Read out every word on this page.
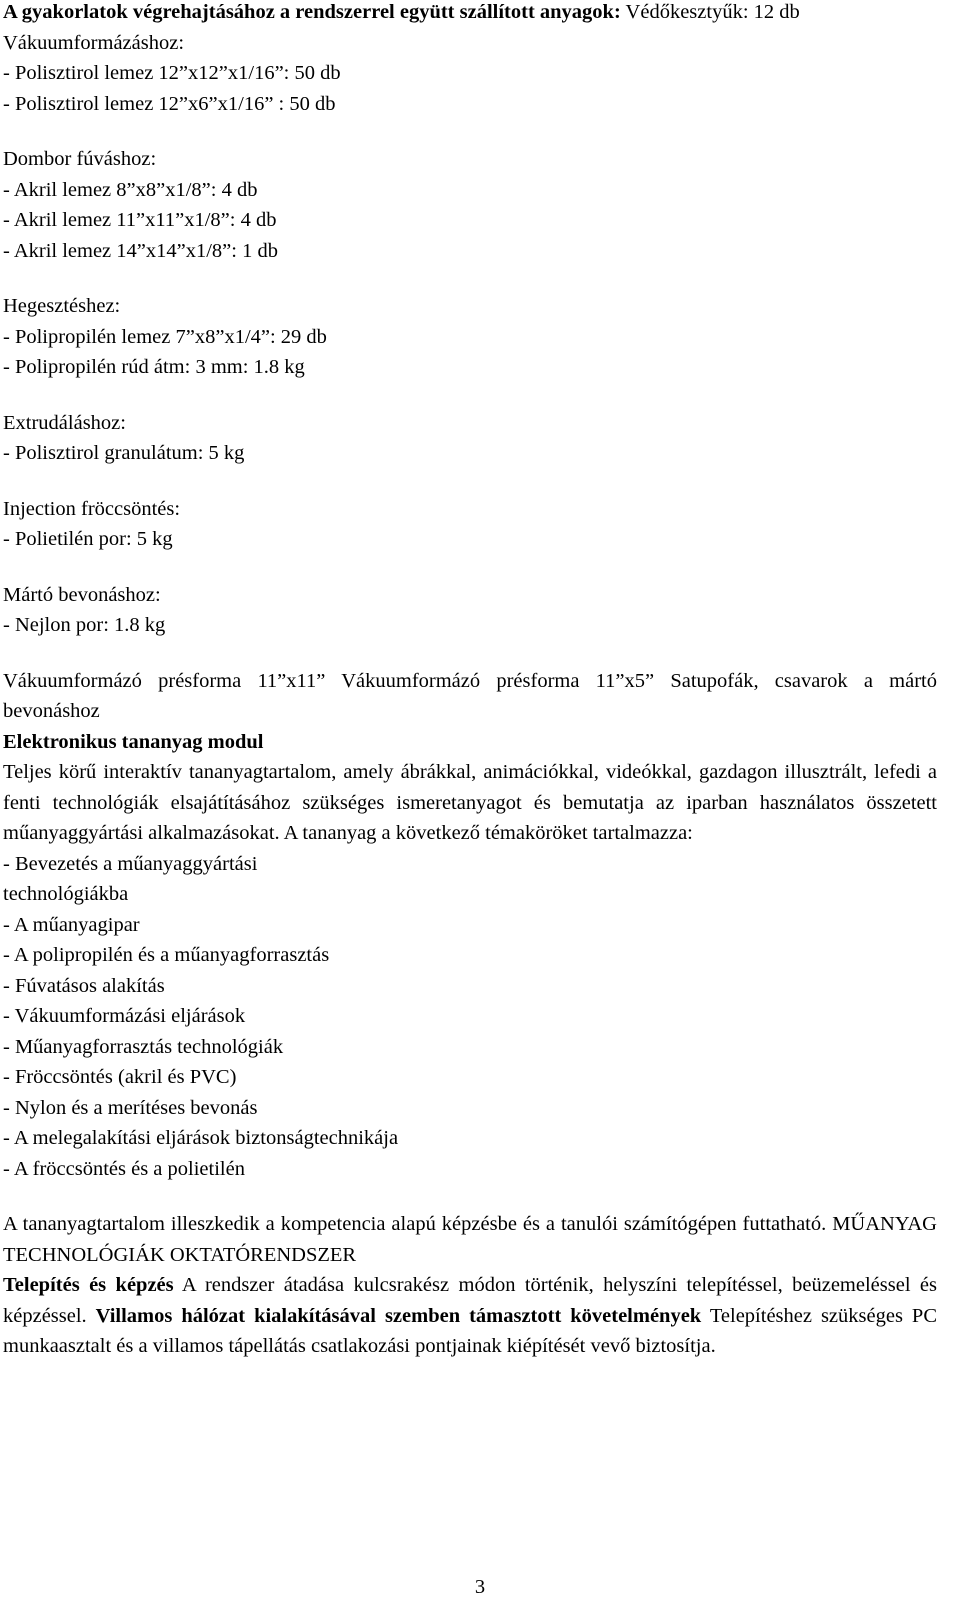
A gyakorlatok végrehajtásához a rendszerrel együtt szállított anyagok: Védőkesztyűk: 12 db

Vákuumformázáshoz:

- Polisztirol lemez 12”x12”x1/16”: 50 db

- Polisztirol lemez 12”x6”x1/16” : 50 db

Dombor fúváshoz:

- Akril lemez 8”x8”x1/8”: 4 db

- Akril lemez 11”x11”x1/8”: 4 db

- Akril lemez 14”x14”x1/8”: 1 db

Hegesztéshez:

- Polipropilén lemez 7”x8”x1/4”: 29 db

- Polipropilén rúd átm: 3 mm: 1.8 kg

Extrudáláshoz:

- Polisztirol granulátum: 5 kg

Injection fröccsöntés:

- Polietilén por: 5 kg

Mártó bevonáshoz:

- Nejlon por: 1.8 kg

Vákuumformázó présforma 11”x11” Vákuumformázó présforma 11”x5” Satupofák, csavarok a mártó bevonáshoz

Elektronikus tananyag modul

Teljes körű interaktív tananyagtartalom, amely ábrákkal, animációkkal, videókkal, gazdagon illusztrált, lefedi a fenti technológiák elsajátításához szükséges ismeretanyagot és bemutatja az iparban használatos összetett műanyaggyártási alkalmazásokat. A tananyag a következő témaköröket tartalmazza:

- Bevezetés a műanyaggyártási

technológiákba

- A műanyagipar

- A polipropilén és a műanyagforrasztás

- Fúvatásos alakítás

- Vákuumformázási eljárások

- Műanyagforrasztás technológiák

- Fröccsöntés (akril és PVC)

- Nylon és a merítéses bevonás

- A melegalakítási eljárások biztonságtechnikája

- A fröccsöntés és a polietilén

A tananyagtartalom illeszkedik a kompetencia alapú képzésbe és a tanulói számítógépen futtatható. MŰANYAG TECHNOLÓGIÁK OKTATÓRENDSZER

Telepítés és képzés A rendszer átadása kulcsrakész módon történik, helyszíni telepítéssel, beüzemeléssel és képzéssel. Villamos hálózat kialakításával szemben támasztott követelmények Telepítéshez szükséges PC munkaasztalt és a villamos tápellátás csatlakozási pontjainak kiépítését vevő biztosítja.

3
